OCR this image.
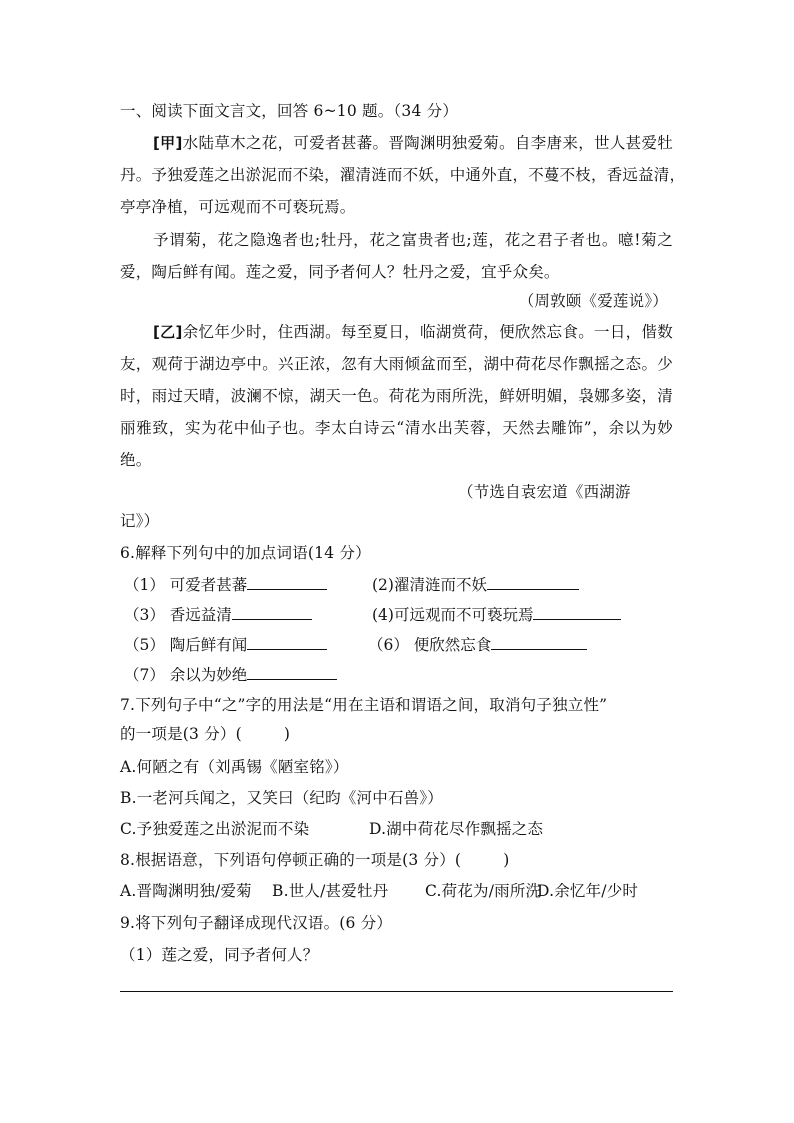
一、阅读下面文言文，回答 6~10 题。（34 分）
[甲]水陆草木之花，可爱者甚蕃。晋陶渊明独爱菊。自李唐来，世人甚爱牡
丹。予独爱莲之出淤泥而不染，濯清涟而不妖，中通外直，不蔓不枝，香远益清，
亭亭净植，可远观而不可亵玩焉。
予谓菊，花之隐逸者也;牡丹，花之富贵者也;莲，花之君子者也。噫!菊之
爱，陶后鲜有闻。莲之爱，同予者何人？牡丹之爱，宜乎众矣。
（周敦颐《爱莲说》）
[乙]余忆年少时，住西湖。每至夏日，临湖赏荷，便欣然忘食。一日，偕数
友，观荷于湖边亭中。兴正浓，忽有大雨倾盆而至，湖中荷花尽作飘摇之态。少
时，雨过天晴，波澜不惊，湖天一色。荷花为雨所洗，鲜妍明媚，袅娜多姿，清
丽雅致，实为花中仙子也。李太白诗云“清水出芙蓉，天然去雕饰”，余以为妙
绝。
（节选自袁宏道《西湖游
记》）
6.解释下列句中的加点词语(14 分）
（1） 可爱者甚蕃	(2)濯清涟而不妖
（3） 香远益清	(4)可远观而不可亵玩焉
（5） 陶后鲜有闻	（6） 便欣然忘食
（7） 余以为妙绝
7.下列句子中“之”字的用法是“用在主语和谓语之间，取消句子独立性”
的一项是(3 分）(	)
A.何陋之有（刘禹锡《陋室铭》）
B.一老河兵闻之，又笑曰（纪昀《河中石兽》）
C.予独爱莲之出淤泥而不染	D.湖中荷花尽作飘摇之态
8.根据语意，下列语句停顿正确的一项是(3 分）(	)
A.晋陶渊明独/爱菊 B.世人/甚爱牡丹 C.荷花为/雨所洗
D.余忆年/少时
9.将下列句子翻译成现代汉语。(6 分）
（1）莲之爱，同予者何人？
